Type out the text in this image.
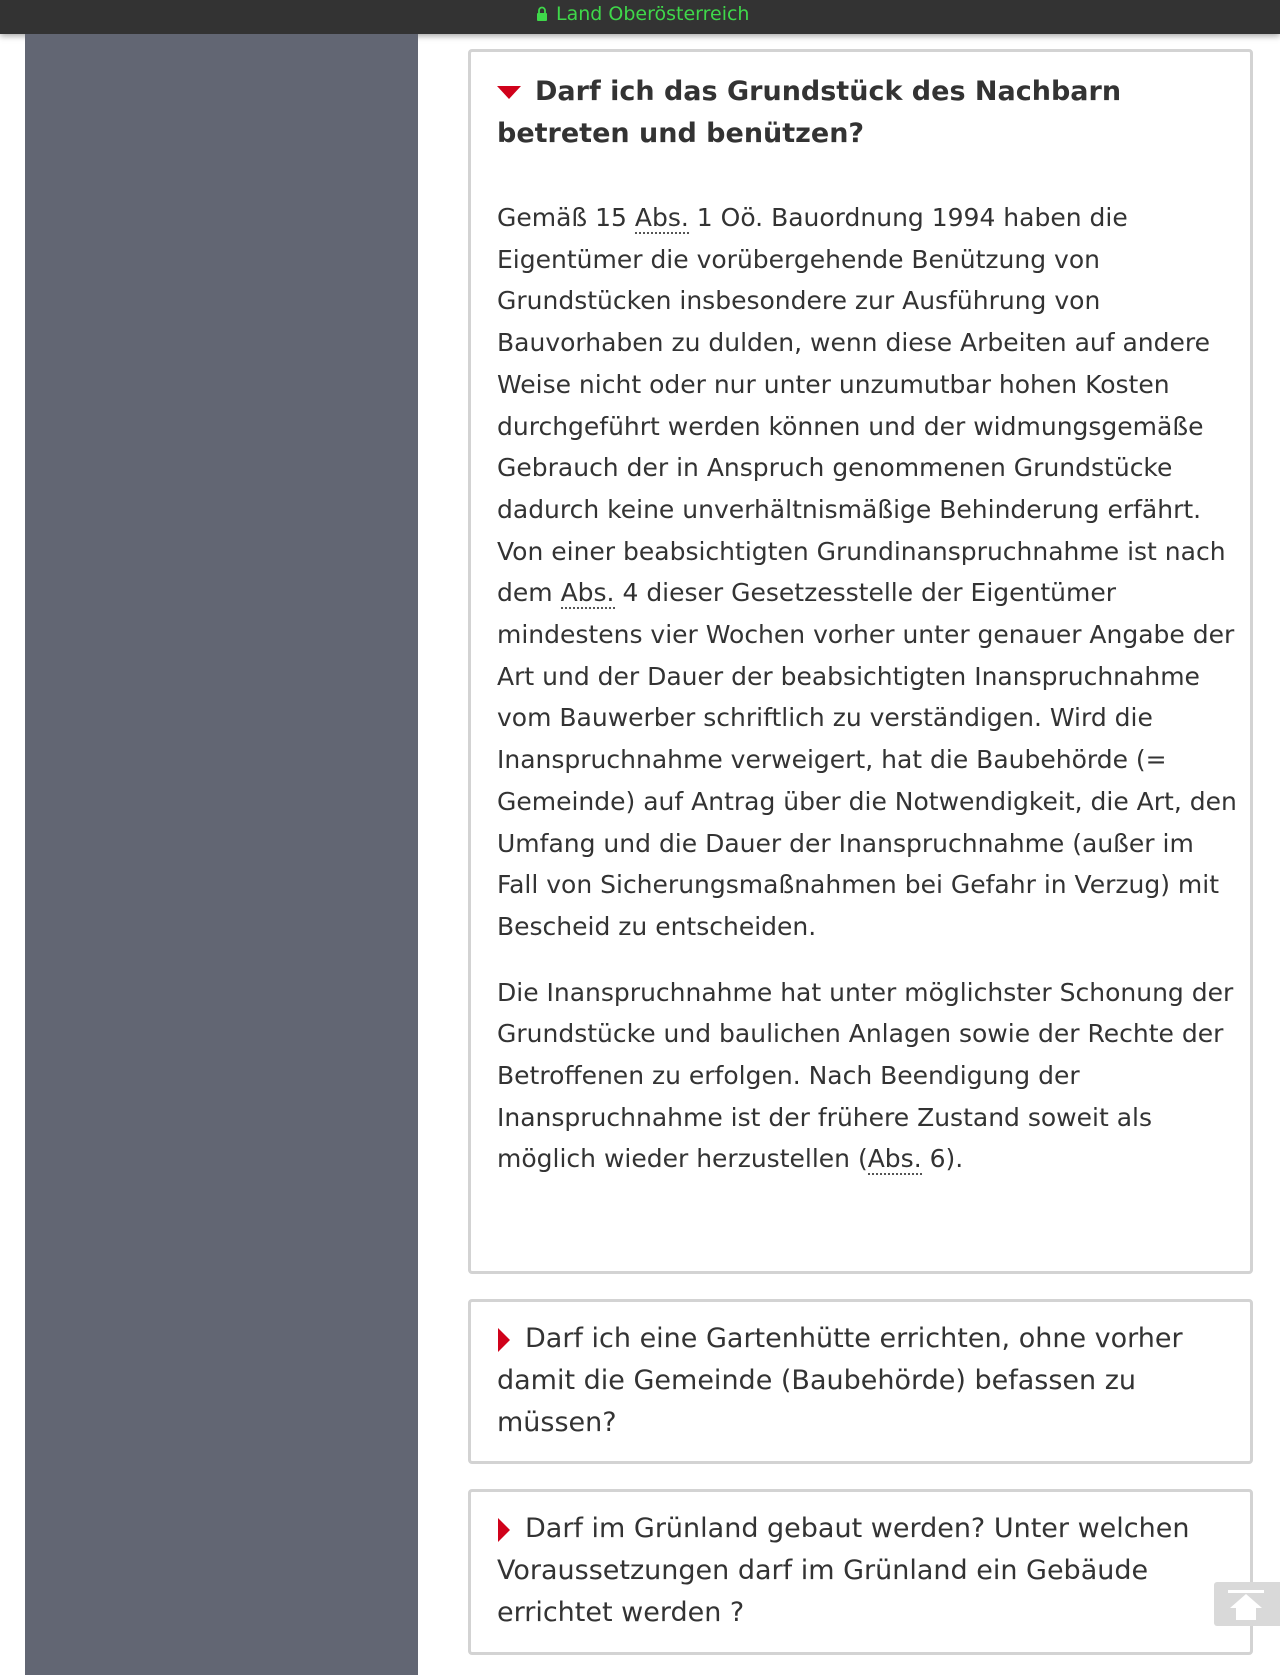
Land Oberösterreich
Darf ich das Grundstück des Nachbarn betreten und benützen?

Gemäß 15 Abs. 1 Oö. Bauordnung 1994 haben die Eigentümer die vorübergehende Benützung von Grundstücken insbesondere zur Ausführung von Bauvorhaben zu dulden, wenn diese Arbeiten auf andere Weise nicht oder nur unter unzumutbar hohen Kosten durchgeführt werden können und der widmungsgemäße Gebrauch der in Anspruch genommenen Grundstücke dadurch keine unverhältnismäßige Behinderung erfährt. Von einer beabsichtigten Grundinanspruchnahme ist nach dem Abs. 4 dieser Gesetzesstelle der Eigentümer mindestens vier Wochen vorher unter genauer Angabe der Art und der Dauer der beabsichtigten Inanspruchnahme vom Bauwerber schriftlich zu verständigen. Wird die Inanspruchnahme verweigert, hat die Baubehörde (= Gemeinde) auf Antrag über die Notwendigkeit, die Art, den Umfang und die Dauer der Inanspruchnahme (außer im Fall von Sicherungsmaßnahmen bei Gefahr in Verzug) mit Bescheid zu entscheiden.

Die Inanspruchnahme hat unter möglichster Schonung der Grundstücke und baulichen Anlagen sowie der Rechte der Betroffenen zu erfolgen. Nach Beendigung der Inanspruchnahme ist der frühere Zustand soweit als möglich wieder herzustellen (Abs. 6).

Darf ich eine Gartenhütte errichten, ohne vorher damit die Gemeinde (Baubehörde) befassen zu müssen?
Darf im Grünland gebaut werden? Unter welchen Voraussetzungen darf im Grünland ein Gebäude errichtet werden ?
